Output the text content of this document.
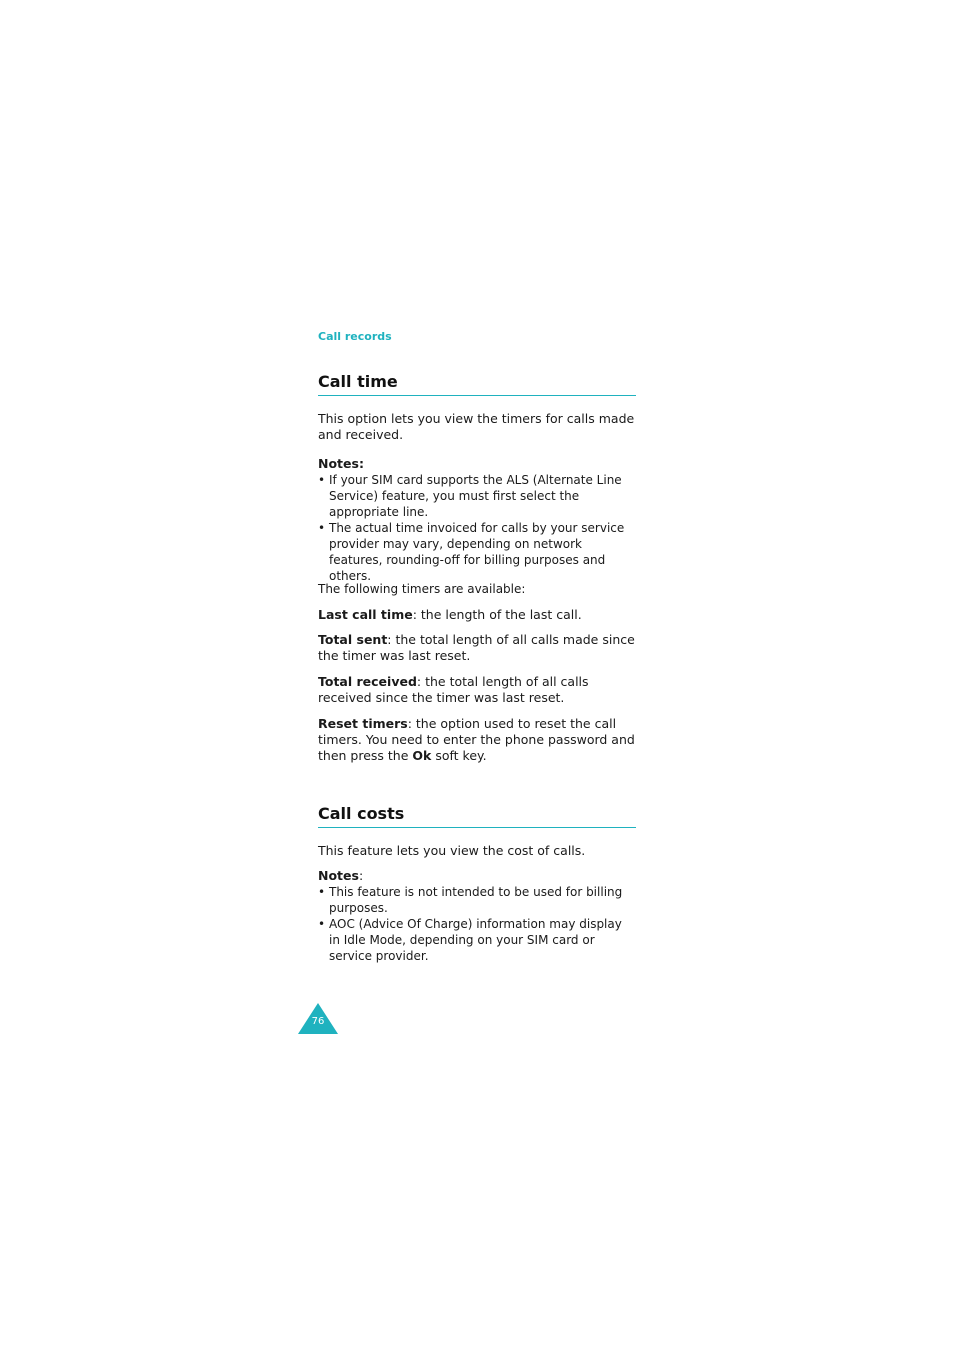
Call records
Call time
This option lets you view the timers for calls made and received.
Notes:
• If your SIM card supports the ALS (Alternate Line Service) feature, you must first select the appropriate line.
• The actual time invoiced for calls by your service provider may vary, depending on network features, rounding-off for billing purposes and others.
The following timers are available:
Last call time: the length of the last call.
Total sent: the total length of all calls made since the timer was last reset.
Total received: the total length of all calls received since the timer was last reset.
Reset timers: the option used to reset the call timers. You need to enter the phone password and then press the Ok soft key.
Call costs
This feature lets you view the cost of calls.
Notes:
• This feature is not intended to be used for billing purposes.
• AOC (Advice Of Charge) information may display in Idle Mode, depending on your SIM card or service provider.
76
